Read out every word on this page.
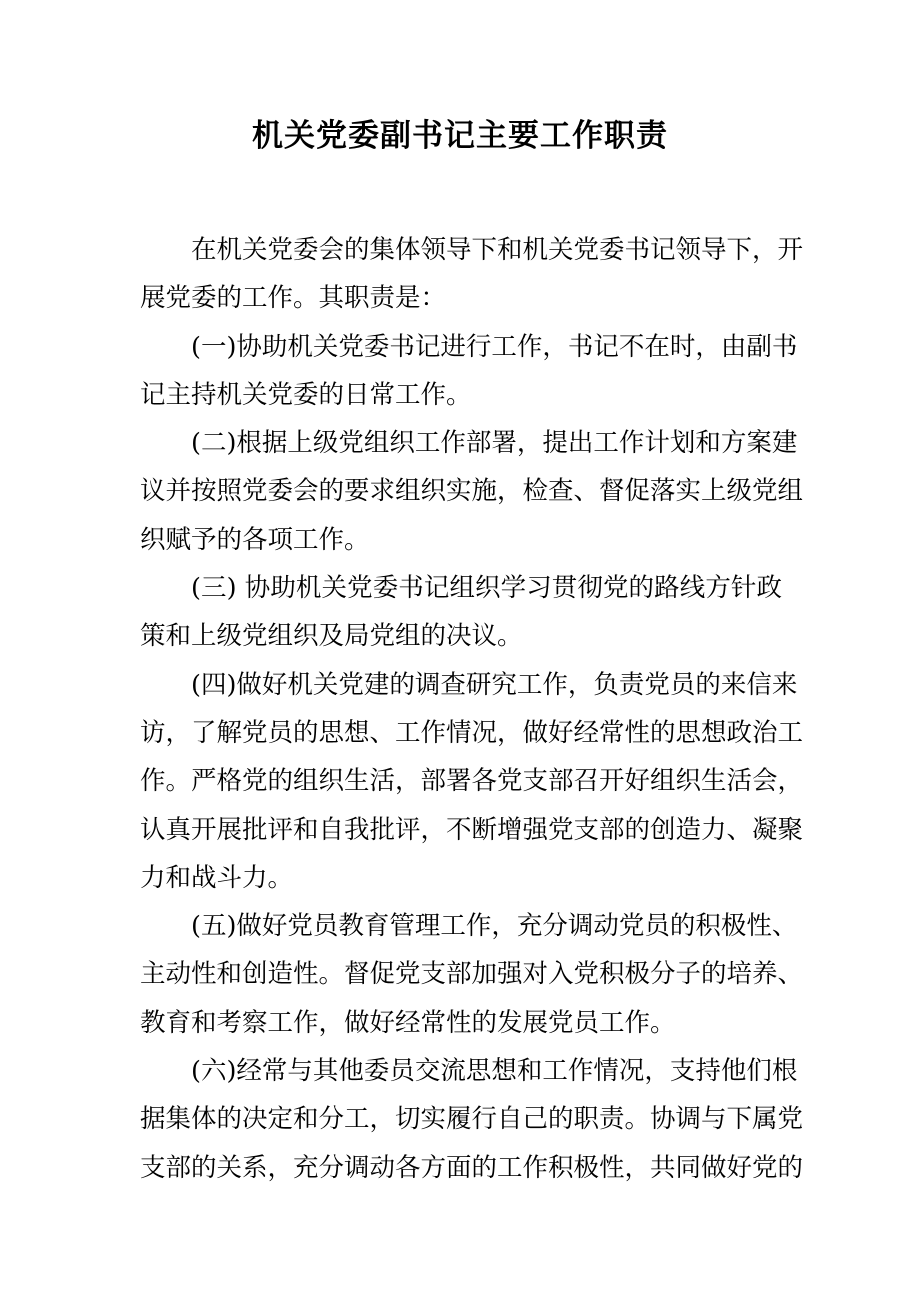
机关党委副书记主要工作职责

在机关党委会的集体领导下和机关党委书记领导下，开
展党委的工作。其职责是：

(一)协助机关党委书记进行工作，书记不在时，由副书
记主持机关党委的日常工作。

(二)根据上级党组织工作部署，提出工作计划和方案建
议并按照党委会的要求组织实施，检查、督促落实上级党组
织赋予的各项工作。

(三) 协助机关党委书记组织学习贯彻党的路线方针政
策和上级党组织及局党组的决议。

(四)做好机关党建的调查研究工作，负责党员的来信来
访，了解党员的思想、工作情况，做好经常性的思想政治工
作。严格党的组织生活，部署各党支部召开好组织生活会，
认真开展批评和自我批评，不断增强党支部的创造力、凝聚
力和战斗力。

(五)做好党员教育管理工作，充分调动党员的积极性、
主动性和创造性。督促党支部加强对入党积极分子的培养、
教育和考察工作，做好经常性的发展党员工作。

(六)经常与其他委员交流思想和工作情况，支持他们根
据集体的决定和分工，切实履行自己的职责。协调与下属党
支部的关系，充分调动各方面的工作积极性，共同做好党的
